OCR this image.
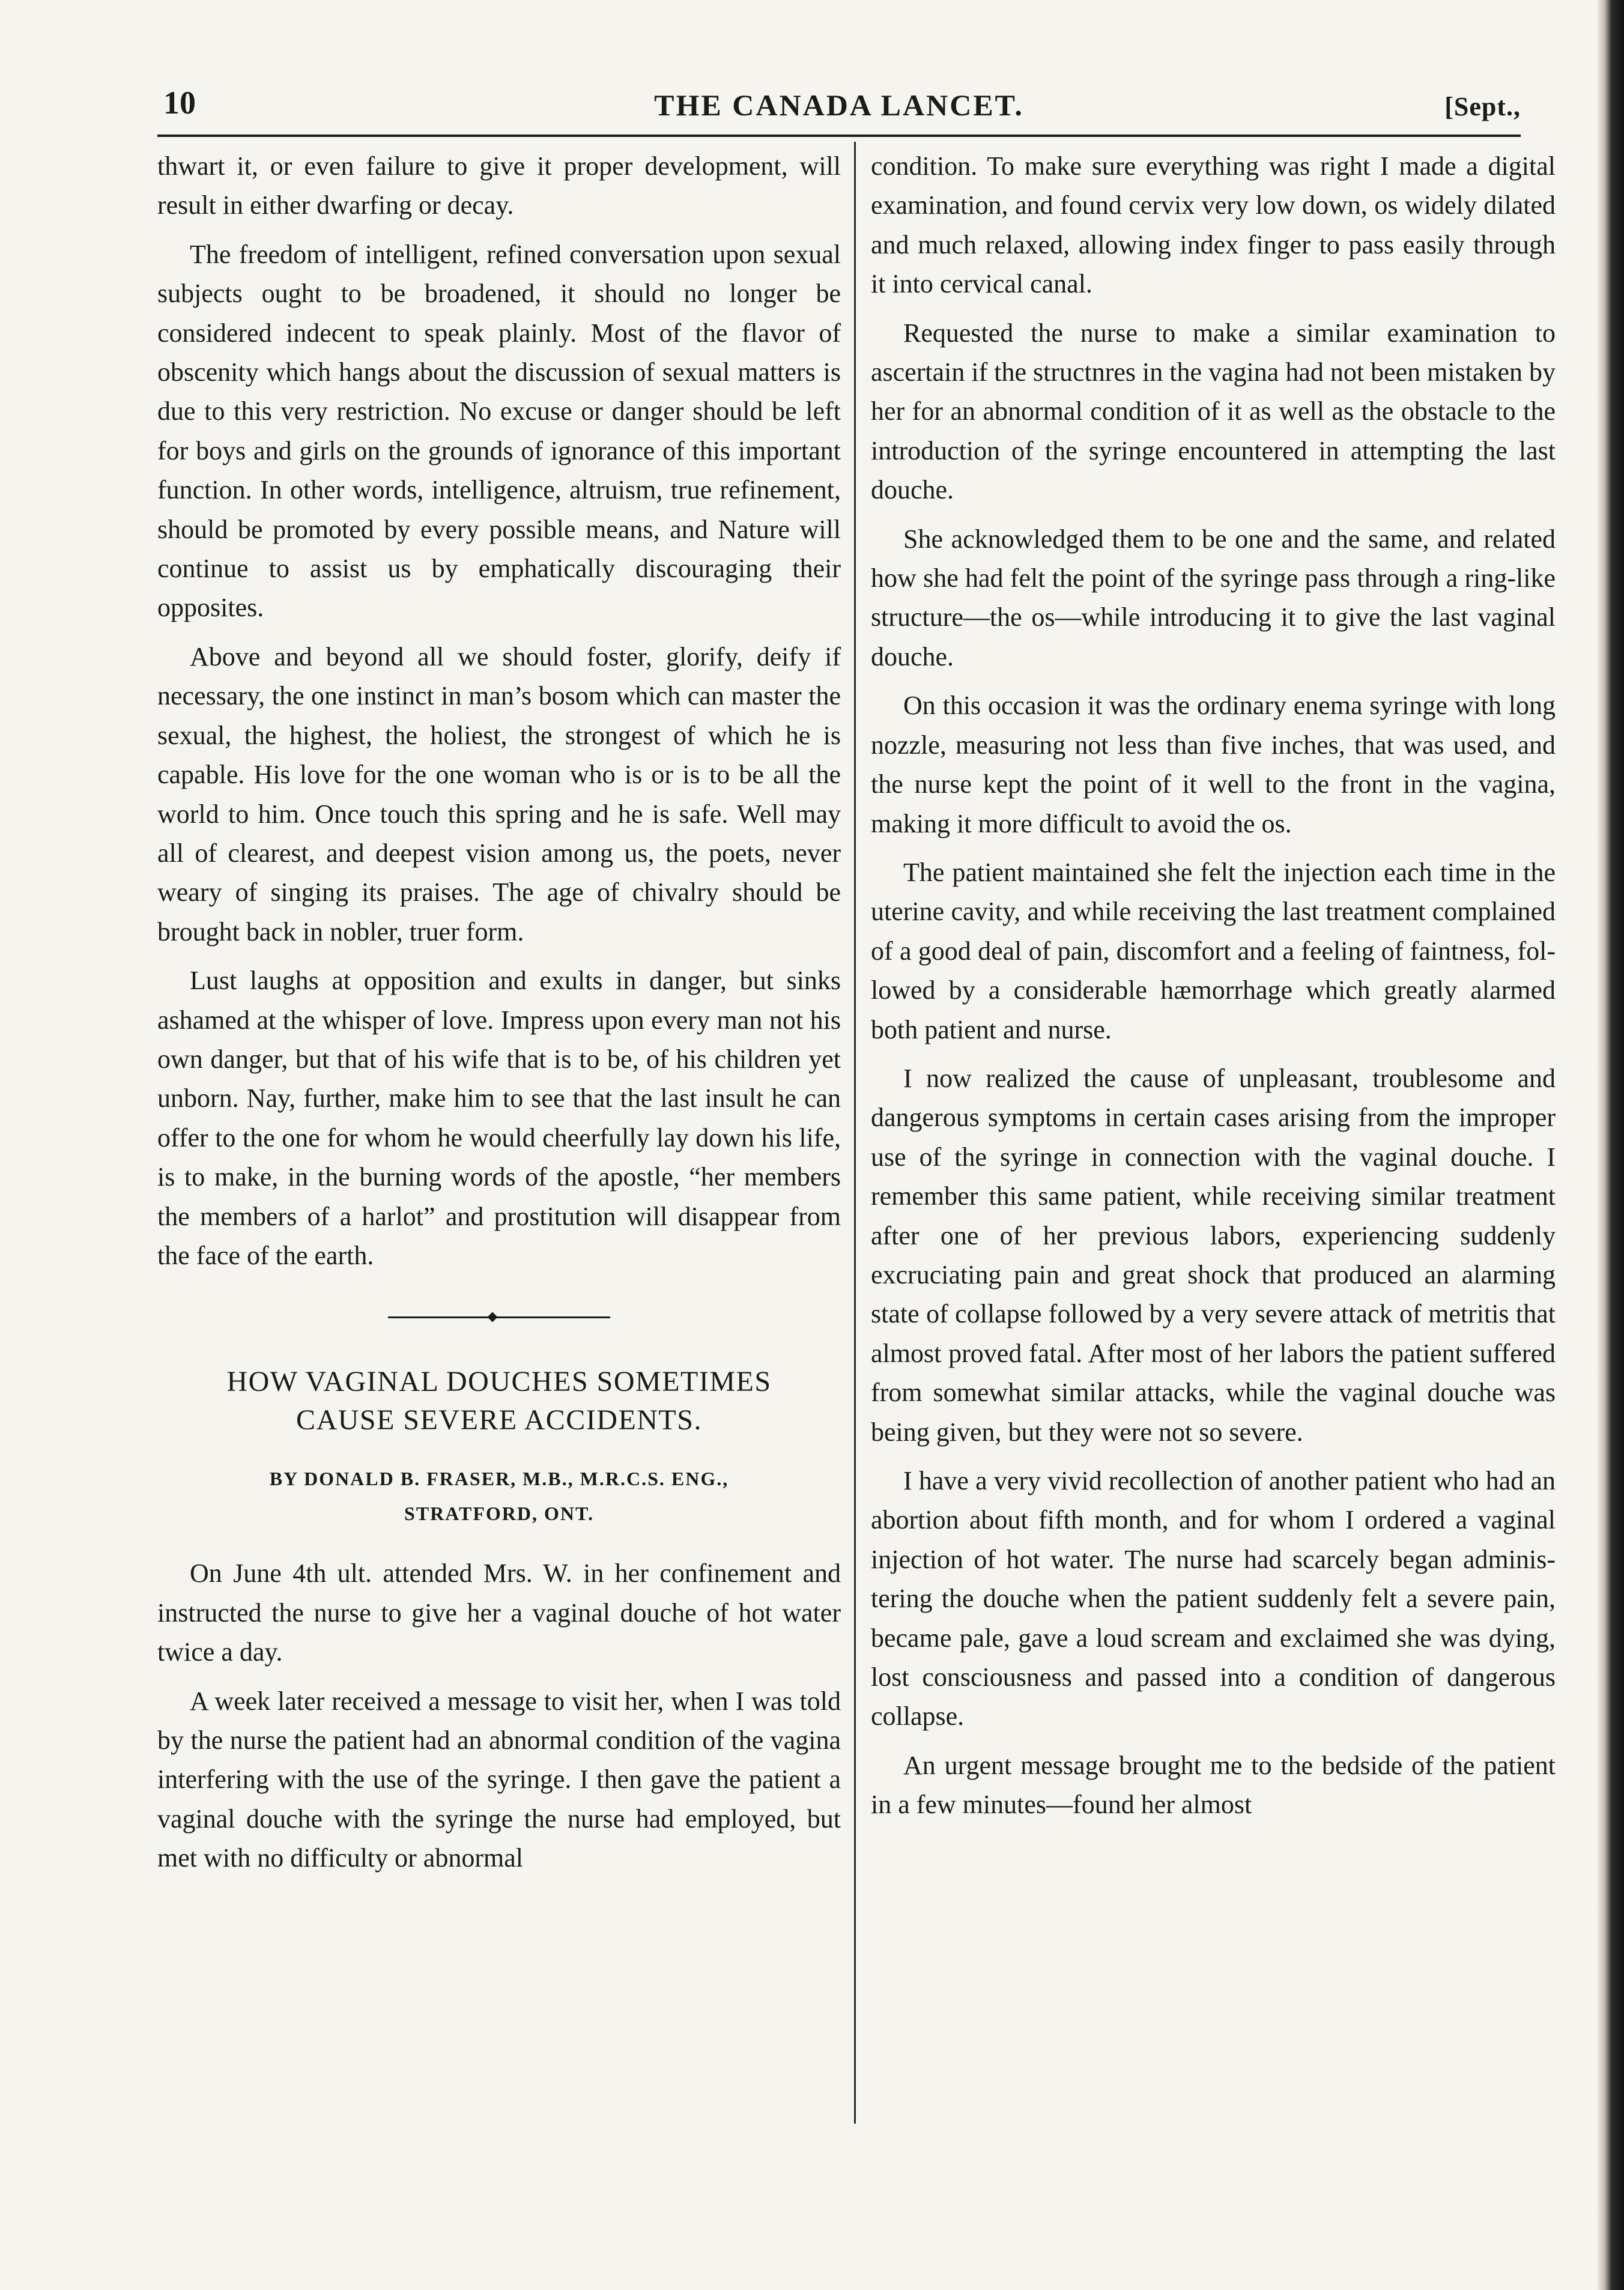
10	THE CANADA LANCET.	[Sept.,

thwart it, or even failure to give it proper development, will result in either dwarfing or decay.

The freedom of intelligent, refined conversation upon sexual subjects ought to be broadened, it should no longer be considered indecent to speak plainly. Most of the flavor of obscenity which hangs about the discussion of sexual matters is due to this very restriction. No excuse or danger should be left for boys and girls on the grounds of ignorance of this important function. In other words, intelligence, altruism, true refinement, should be promoted by every possible means, and Nature will continue to assist us by emphatically discouraging their opposites.

Above and beyond all we should foster, glorify, deify if necessary, the one instinct in man’s bosom which can master the sexual, the highest, the holiest, the strongest of which he is capable. His love for the one woman who is or is to be all the world to him. Once touch this spring and he is safe. Well may all of clearest, and deepest vision among us, the poets, never weary of singing its praises. The age of chivalry should be brought back in nobler, truer form.

Lust laughs at opposition and exults in danger, but sinks ashamed at the whisper of love. Impress upon every man not his own danger, but that of his wife that is to be, of his children yet unborn. Nay, further, make him to see that the last insult he can offer to the one for whom he would cheerfully lay down his life, is to make, in the burning words of the apostle, “her members the members of a harlot” and prostitution will disappear from the face of the earth.

HOW VAGINAL DOUCHES SOMETIMES
CAUSE SEVERE ACCIDENTS.
BY DONALD B. FRASER, M.B., M.R.C.S. ENG.,
STRATFORD, ONT.

On June 4th ult. attended Mrs. W. in her confinement and instructed the nurse to give her a vaginal douche of hot water twice a day.

A week later received a message to visit her, when I was told by the nurse the patient had an abnormal condition of the vagina interfering with the use of the syringe. I then gave the patient a vaginal douche with the syringe the nurse had employed, but met with no difficulty or abnormal

condition. To make sure everything was right I made a digital examination, and found cervix very low down, os widely dilated and much relaxed, allowing index finger to pass easily through it into cervical canal.

Requested the nurse to make a similar examination to ascertain if the structnres in the vagina had not been mistaken by her for an abnormal condition of it as well as the obstacle to the introduction of the syringe encountered in attempting the last douche.

She acknowledged them to be one and the same, and related how she had felt the point of the syringe pass through a ring-like structure—the os—while introducing it to give the last vaginal douche.

On this occasion it was the ordinary enema syringe with long nozzle, measuring not less than five inches, that was used, and the nurse kept the point of it well to the front in the vagina, making it more difficult to avoid the os.

The patient maintained she felt the injection each time in the uterine cavity, and while receiving the last treatment complained of a good deal of pain, discomfort and a feeling of faintness, followed by a considerable hæmorrhage which greatly alarmed both patient and nurse.

I now realized the cause of unpleasant, troublesome and dangerous symptoms in certain cases arising from the improper use of the syringe in connection with the vaginal douche. I remember this same patient, while receiving similar treatment after one of her previous labors, experiencing suddenly excruciating pain and great shock that produced an alarming state of collapse followed by a very severe attack of metritis that almost proved fatal. After most of her labors the patient suffered from somewhat similar attacks, while the vaginal douche was being given, but they were not so severe.

I have a very vivid recollection of another patient who had an abortion about fifth month, and for whom I ordered a vaginal injection of hot water. The nurse had scarcely began administering the douche when the patient suddenly felt a severe pain, became pale, gave a loud scream and exclaimed she was dying, lost consciousness and passed into a condition of dangerous collapse.

An urgent message brought me to the bedside of the patient in a few minutes—found her almost
